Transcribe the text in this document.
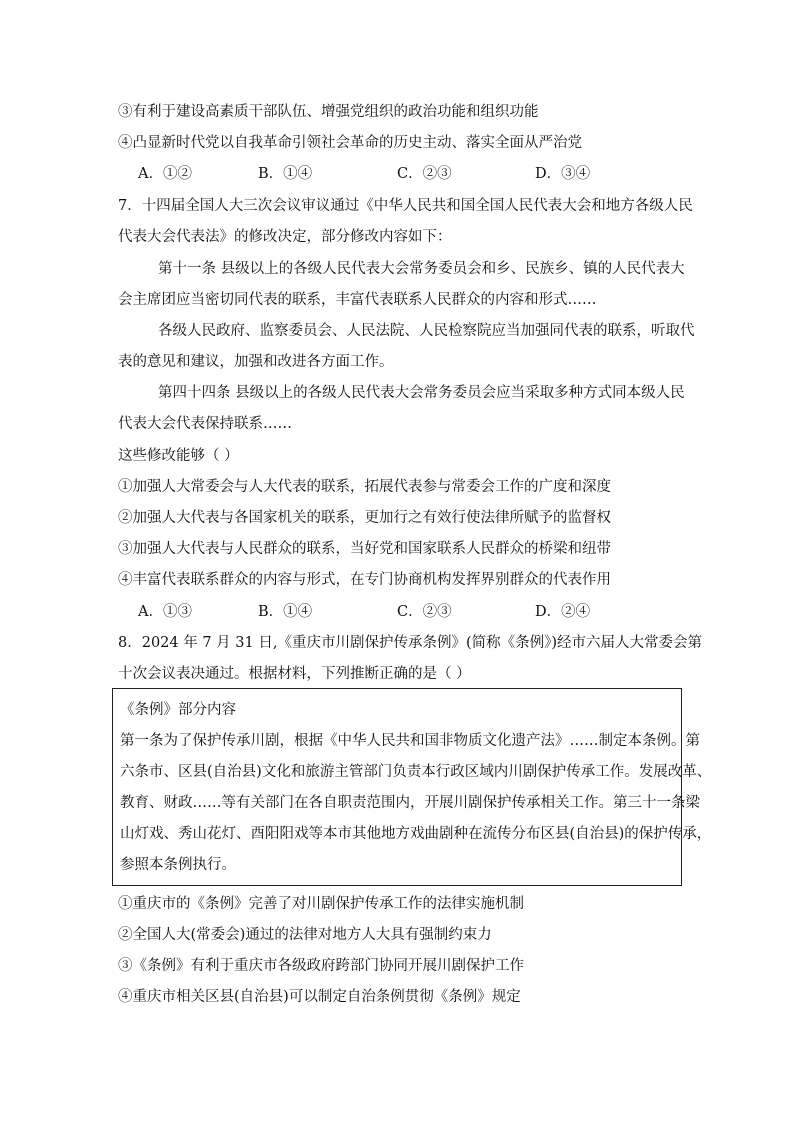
③有利于建设高素质干部队伍、增强党组织的政治功能和组织功能
④凸显新时代党以自我革命引领社会革命的历史主动、落实全面从严治党
A．①②	B．①④	C．②③	D．③④
7．十四届全国人大三次会议审议通过《中华人民共和国全国人民代表大会和地方各级人民
代表大会代表法》的修改决定，部分修改内容如下：
第十一条 县级以上的各级人民代表大会常务委员会和乡、民族乡、镇的人民代表大
会主席团应当密切同代表的联系，丰富代表联系人民群众的内容和形式……
各级人民政府、监察委员会、人民法院、人民检察院应当加强同代表的联系，听取代
表的意见和建议，加强和改进各方面工作。
第四十四条 县级以上的各级人民代表大会常务委员会应当采取多种方式同本级人民
代表大会代表保持联系……
这些修改能够（ ）
①加强人大常委会与人大代表的联系，拓展代表参与常委会工作的广度和深度
②加强人大代表与各国家机关的联系，更加行之有效行使法律所赋予的监督权
③加强人大代表与人民群众的联系，当好党和国家联系人民群众的桥梁和纽带
④丰富代表联系群众的内容与形式，在专门协商机构发挥界别群众的代表作用
A．①③	B．①④	C．②③	D．②④
8．2024 年 7 月 31 日,《重庆市川剧保护传承条例》(简称《条例》)经市六届人大常委会第
十次会议表决通过。根据材料，下列推断正确的是（ ）
《条例》部分内容
第一条为了保护传承川剧，根据《中华人民共和国非物质文化遗产法》……制定本条例。第
六条市、区县(自治县)文化和旅游主管部门负责本行政区域内川剧保护传承工作。发展改革、
教育、财政……等有关部门在各自职责范围内，开展川剧保护传承相关工作。第三十一条梁
山灯戏、秀山花灯、酉阳阳戏等本市其他地方戏曲剧种在流传分布区县(自治县)的保护传承，
参照本条例执行。
①重庆市的《条例》完善了对川剧保护传承工作的法律实施机制
②全国人大(常委会)通过的法律对地方人大具有强制约束力
③《条例》有利于重庆市各级政府跨部门协同开展川剧保护工作
④重庆市相关区县(自治县)可以制定自治条例贯彻《条例》规定
